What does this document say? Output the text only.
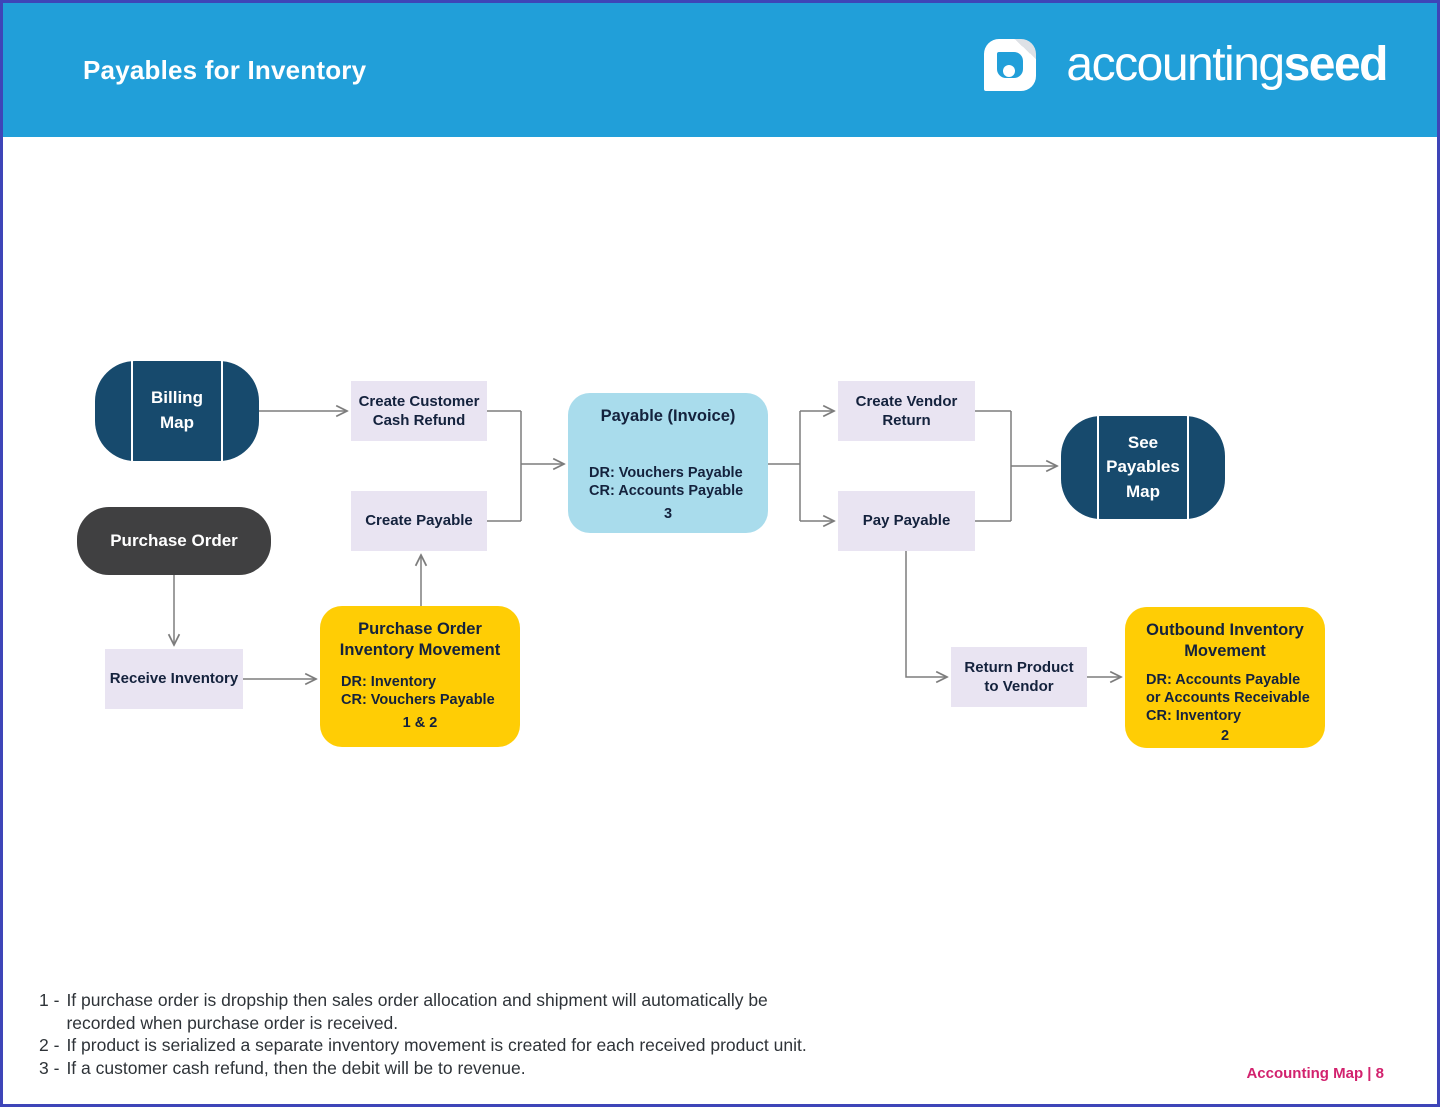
Payables for Inventory	accountingseed
Billing
Map
Purchase Order
Create Customer
Cash Refund
Create Payable
Payable (Invoice)
DR: Vouchers Payable
CR: Accounts Payable
3
Create Vendor
Return
Pay Payable
See
Payables
Map
Receive Inventory
Purchase Order
Inventory Movement
DR: Inventory
CR: Vouchers Payable
1 & 2
Return Product
to Vendor
Outbound Inventory
Movement
DR: Accounts Payable
or Accounts Receivable
CR: Inventory
2
1 - If purchase order is dropship then sales order allocation and shipment will automatically be
recorded when purchase order is received.
2 - If product is serialized a separate inventory movement is created for each received product unit.
3 - If a customer cash refund, then the debit will be to revenue.	Accounting Map | 8
